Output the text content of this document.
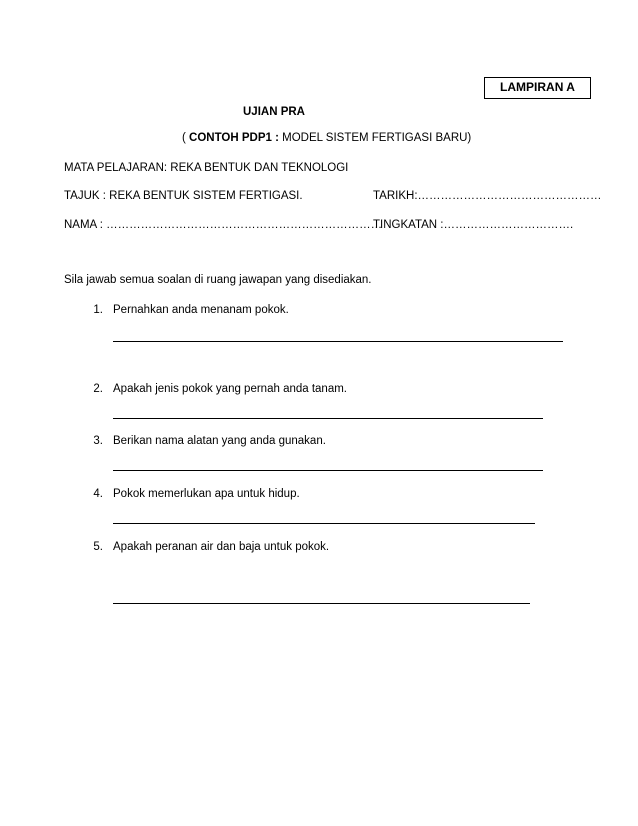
LAMPIRAN A
UJIAN PRA
( CONTOH PDP1 : MODEL SISTEM FERTIGASI BARU)
MATA PELAJARAN: REKA BENTUK DAN TEKNOLOGI
TAJUK : REKA BENTUK SISTEM FERTIGASI.	TARIKH:…………………………………………
NAMA : ………………………………………………………………
TINGKATAN :…………………………….
Sila jawab semua soalan di ruang jawapan yang disediakan.
1. Pernahkan anda menanam pokok.
2. Apakah jenis pokok yang pernah anda tanam.
3. Berikan nama alatan yang anda gunakan.
4. Pokok memerlukan apa untuk hidup.
5. Apakah peranan air dan baja untuk pokok.
